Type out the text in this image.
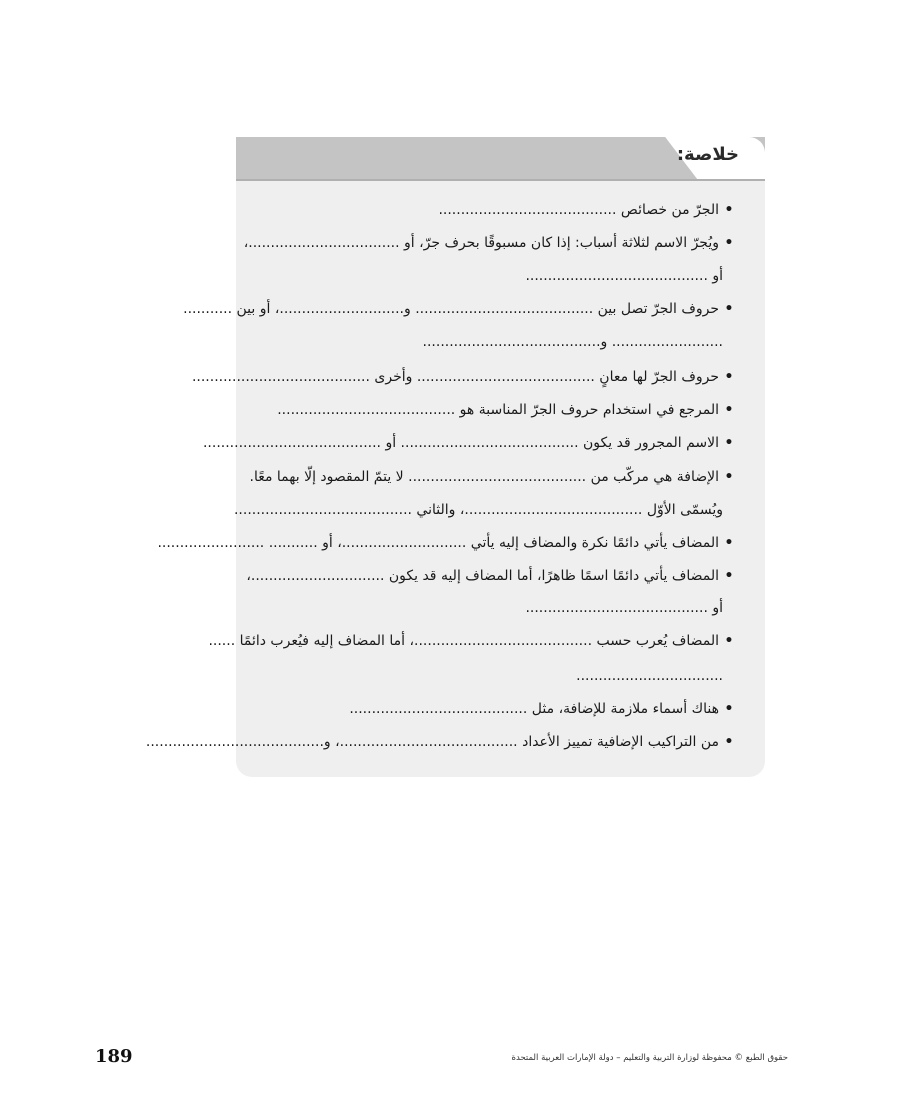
خلاصة:
•الجرّ من خصائص ........................................
•ويُجرّ الاسم لثلاثة أسباب: إذا كان مسبوقًا بحرف جرّ، أو ..................................،
أو .........................................
•حروف الجرّ تصل بين ........................................ و............................، أو بين ...........
......................... و........................................
•حروف الجرّ لها معانٍ ........................................ وأخرى ........................................
•المرجع في استخدام حروف الجرّ المناسبة هو ........................................
•الاسم المجرور قد يكون ........................................ أو ........................................
•الإضافة هي مركّب من ........................................ لا يتمّ المقصود إلّا بهما معًا.
ويُسمّى الأوّل ........................................، والثاني ........................................
•المضاف يأتي دائمًا نكرة والمضاف إليه يأتي ............................، أو ........... ........................
•المضاف يأتي دائمًا اسمًا ظاهرًا، أما المضاف إليه قد يكون ..............................،
أو .........................................
•المضاف يُعرب حسب ........................................، أما المضاف إليه فيُعرب دائمًا ......
.................................
•هناك أسماء ملازمة للإضافة، مثل ........................................
•من التراكيب الإضافية تمييز الأعداد ........................................، و........................................
حقوق الطبع © محفوظة لوزارة التربية والتعليم – دولة الإمارات العربية المتحدة
189
